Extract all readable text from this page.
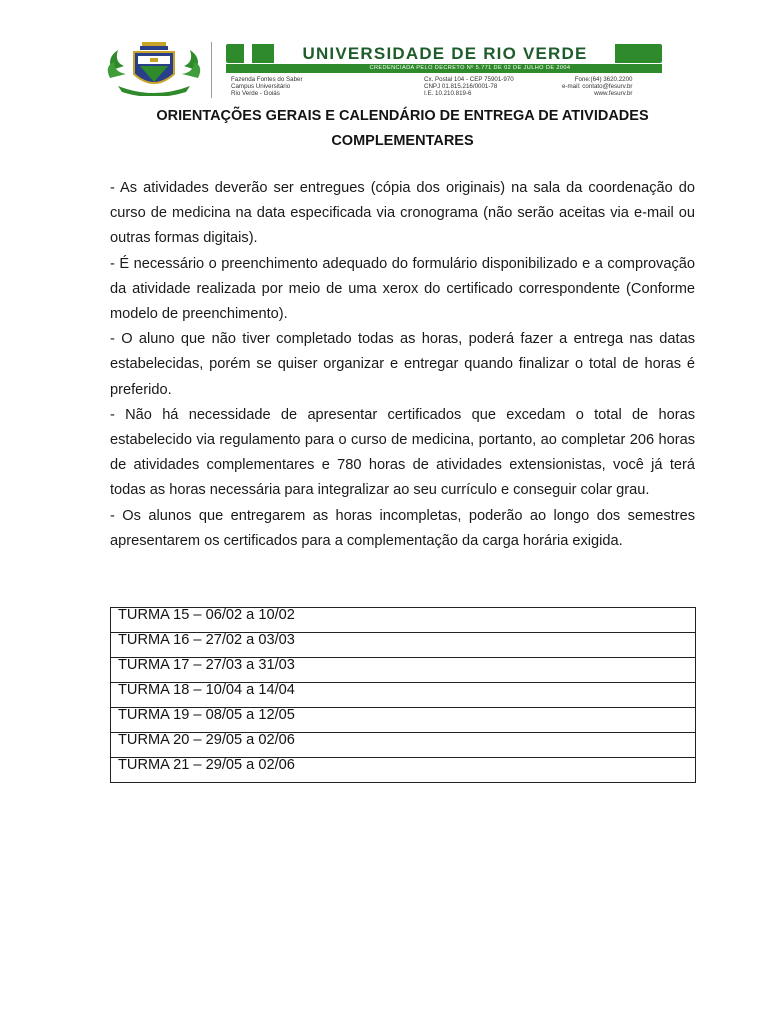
UNIVERSIDADE DE RIO VERDE
CREDENCIADA PELO DECRETO Nº 5.771 DE 02 DE JULHO DE 2004
Fazenda Fontes do Saber
Campus Universitário
Rio Verde - Goiás
Cx. Postal 104 - CEP 75901-970
CNPJ 01.815.216/0001-78
I.E. 10.210.819-6
Fone:(64) 3620.2200
e-mail: contato@fesurv.br
www.fesurv.br
ORIENTAÇÕES GERAIS E CALENDÁRIO DE ENTREGA DE ATIVIDADES COMPLEMENTARES

- As atividades deverão ser entregues (cópia dos originais) na sala da coordenação do curso de medicina na data especificada via cronograma (não serão aceitas via e-mail ou outras formas digitais).

- É necessário o preenchimento adequado do formulário disponibilizado e a comprovação da atividade realizada por meio de uma xerox do certificado correspondente (Conforme modelo de preenchimento).

- O aluno que não tiver completado todas as horas, poderá fazer a entrega nas datas estabelecidas, porém se quiser organizar e entregar quando finalizar o total de horas é preferido.

- Não há necessidade de apresentar certificados que excedam o total de horas estabelecido via regulamento para o curso de medicina, portanto, ao completar 206 horas de atividades complementares e 780 horas de atividades extensionistas, você já terá todas as horas necessária para integralizar ao seu currículo e conseguir colar grau.

- Os alunos que entregarem as horas incompletas, poderão ao longo dos semestres apresentarem os certificados para a complementação da carga horária exigida.

TURMA 15 – 06/02 a 10/02
TURMA 16 – 27/02 a 03/03
TURMA 17 – 27/03 a 31/03
TURMA 18 – 10/04 a 14/04
TURMA 19 – 08/05 a 12/05
TURMA 20 – 29/05 a 02/06
TURMA 21 – 29/05 a 02/06
